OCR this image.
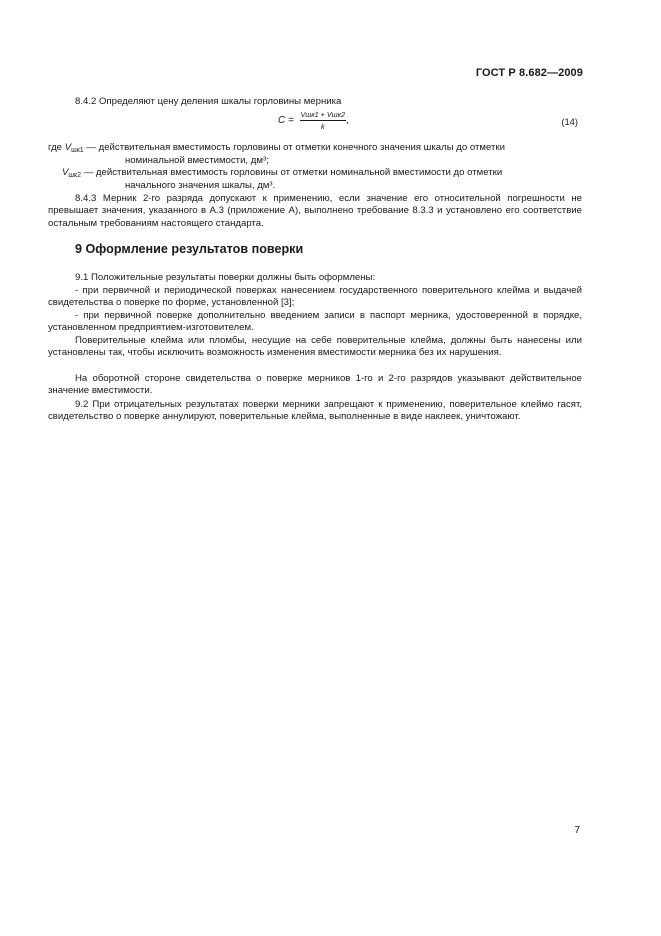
ГОСТ Р 8.682—2009

8.4.2 Определяют цену деления шкалы горловины мерника

$C = \frac{\text{Vшк1 + Vшк2}}{k}$ ,	(14)
где $V_{шк1}$ — действительная вместимость горловины от отметки конечного значения шкалы до отметки
номинальной вместимости, дм³;
$V_{шк2}$ — действительная вместимость горловины от отметки номинальной вместимости до отметки
начального значения шкалы, дм³.

8.4.3 Мерник 2-го разряда допускают к применению, если значение его относительной погрешности не превышает значения, указанного в А.3 (приложение А), выполнено требование 8.3.3 и установлено его соответствие остальным требованиям настоящего стандарта.

9 Оформление результатов поверки

9.1 Положительные результаты поверки должны быть оформлены:

- при первичной и периодической поверках нанесением государственного поверительного клейма и выдачей свидетельства о поверке по форме, установленной [3];

- при первичной поверке дополнительно введением записи в паспорт мерника, удостоверенной в порядке, установленном предприятием-изготовителем.

Поверительные клейма или пломбы, несущие на себе поверительные клейма, должны быть нанесены или установлены так, чтобы исключить возможность изменения вместимости мерника без их нарушения.

На оборотной стороне свидетельства о поверке мерников 1-го и 2-го разрядов указывают действительное значение вместимости.

9.2 При отрицательных результатах поверки мерники запрещают к применению, поверительное клеймо гасят, свидетельство о поверке аннулируют, поверительные клейма, выполненные в виде наклеек, уничтожают.

7
